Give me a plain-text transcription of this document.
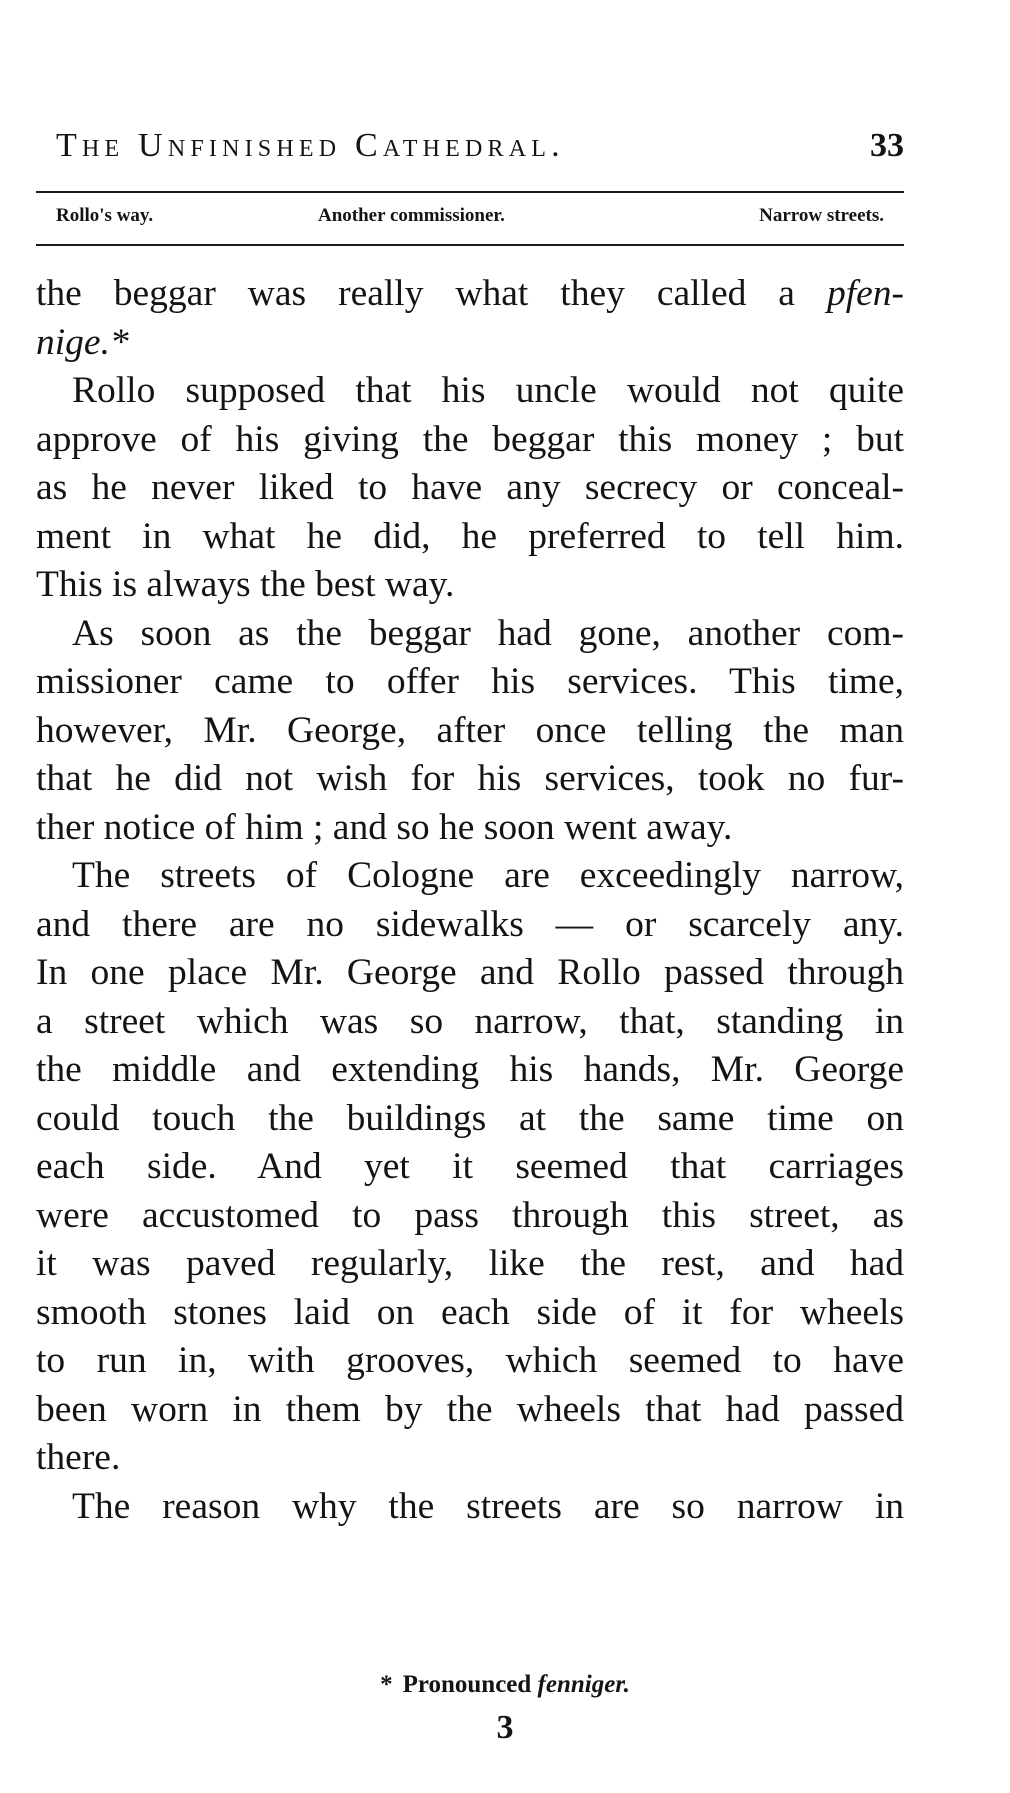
The Unfinished Cathedral.	33
Rollo's way.	Another commissioner.	Narrow streets.
the beggar was really what they called a pfen-
nige.*
Rollo supposed that his uncle would not quite
approve of his giving the beggar this money ; but
as he never liked to have any secrecy or conceal-
ment in what he did, he preferred to tell him.
This is always the best way.
As soon as the beggar had gone, another com-
missioner came to offer his services. This time,
however, Mr. George, after once telling the man
that he did not wish for his services, took no fur-
ther notice of him ; and so he soon went away.
The streets of Cologne are exceedingly narrow,
and there are no sidewalks — or scarcely any.
In one place Mr. George and Rollo passed through
a street which was so narrow, that, standing in
the middle and extending his hands, Mr. George
could touch the buildings at the same time on
each side. And yet it seemed that carriages
were accustomed to pass through this street, as
it was paved regularly, like the rest, and had
smooth stones laid on each side of it for wheels
to run in, with grooves, which seemed to have
been worn in them by the wheels that had passed
there.
The reason why the streets are so narrow in
* Pronounced fenniger.
3
